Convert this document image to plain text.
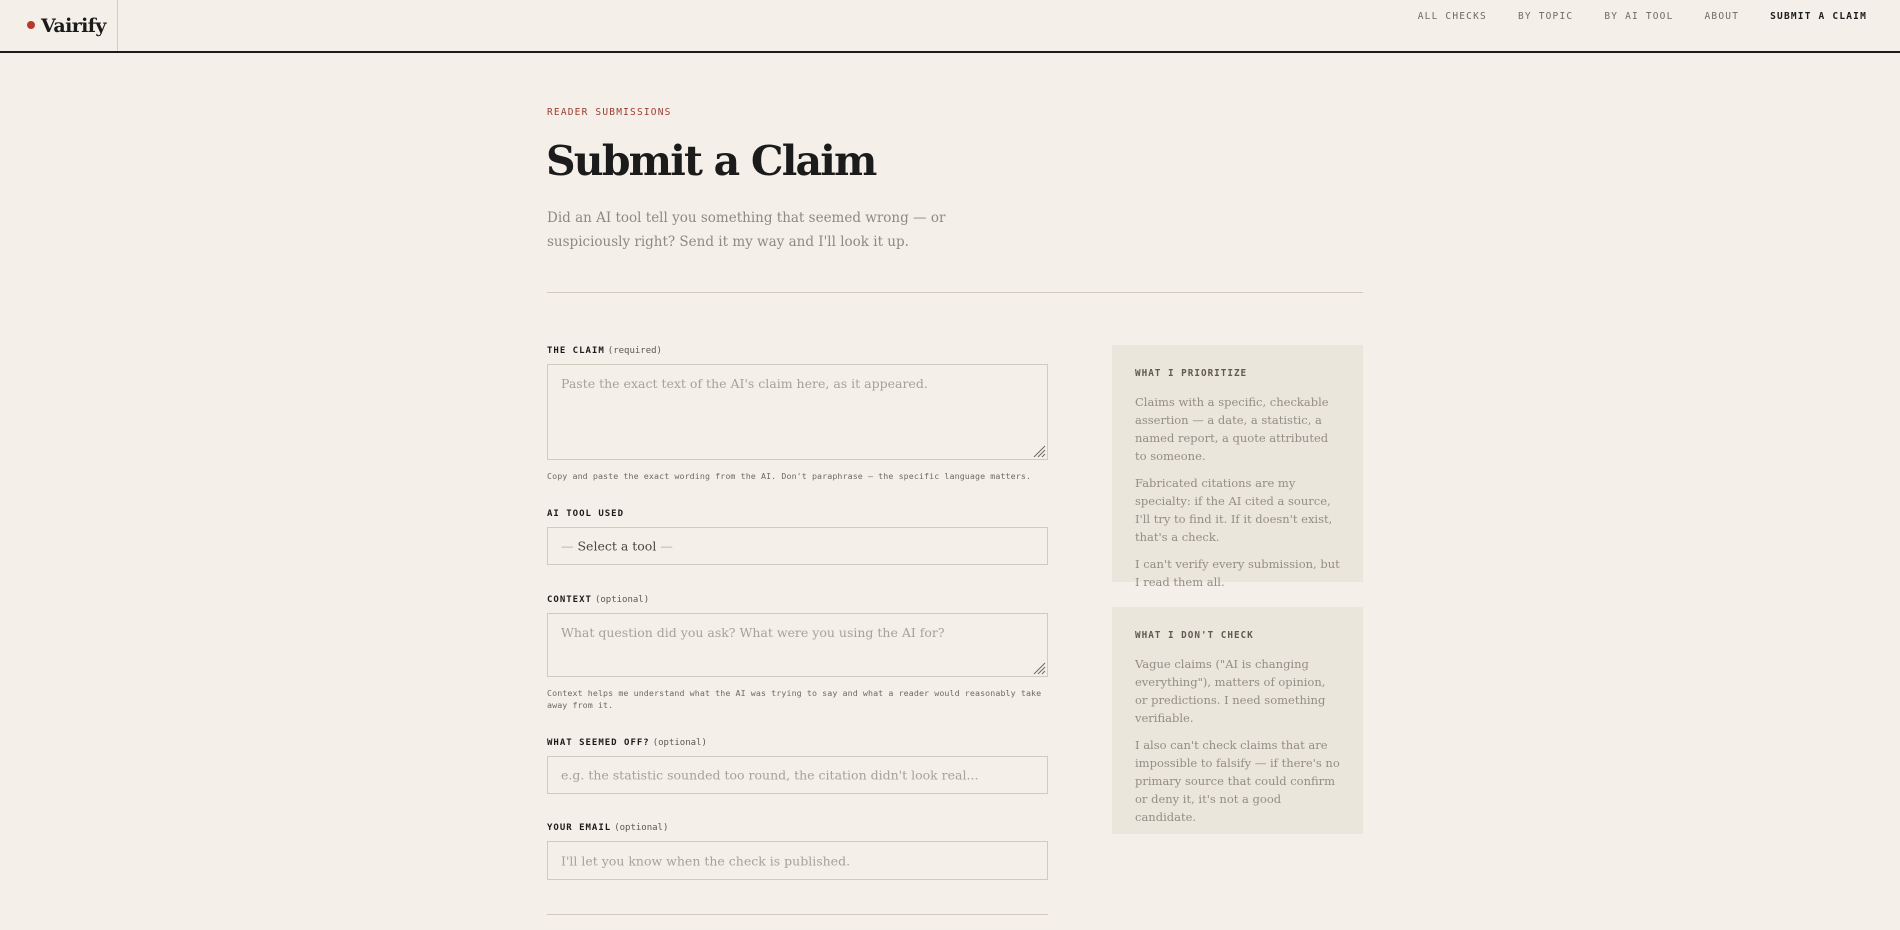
Vairify	ALL CHECKS	BY TOPIC	BY AI TOOL	ABOUT	SUBMIT A CLAIM
READER SUBMISSIONS
Submit a Claim

Did an AI tool tell you something that seemed wrong — or suspiciously right? Send it my way and I'll look it up.

THE CLAIM (required)
Paste the exact text of the AI's claim here, as it appeared.
Copy and paste the exact wording from the AI. Don't paraphrase — the specific language matters.
AI TOOL USED
— Select a tool —
CONTEXT (optional)
What question did you ask? What were you using the AI for?
Context helps me understand what the AI was trying to say and what a reader would reasonably take away from it.
WHAT SEEMED OFF? (optional)
e.g. the statistic sounded too round, the citation didn't look real...
YOUR EMAIL (optional)
I'll let you know when the check is published.
WHAT I PRIORITIZE

Claims with a specific, checkable assertion — a date, a statistic, a named report, a quote attributed to someone.

Fabricated citations are my specialty: if the AI cited a source, I'll try to find it. If it doesn't exist, that's a check.

I can't verify every submission, but I read them all.

WHAT I DON'T CHECK

Vague claims ("AI is changing everything"), matters of opinion, or predictions. I need something verifiable.

I also can't check claims that are impossible to falsify — if there's no primary source that could confirm or deny it, it's not a good candidate.
